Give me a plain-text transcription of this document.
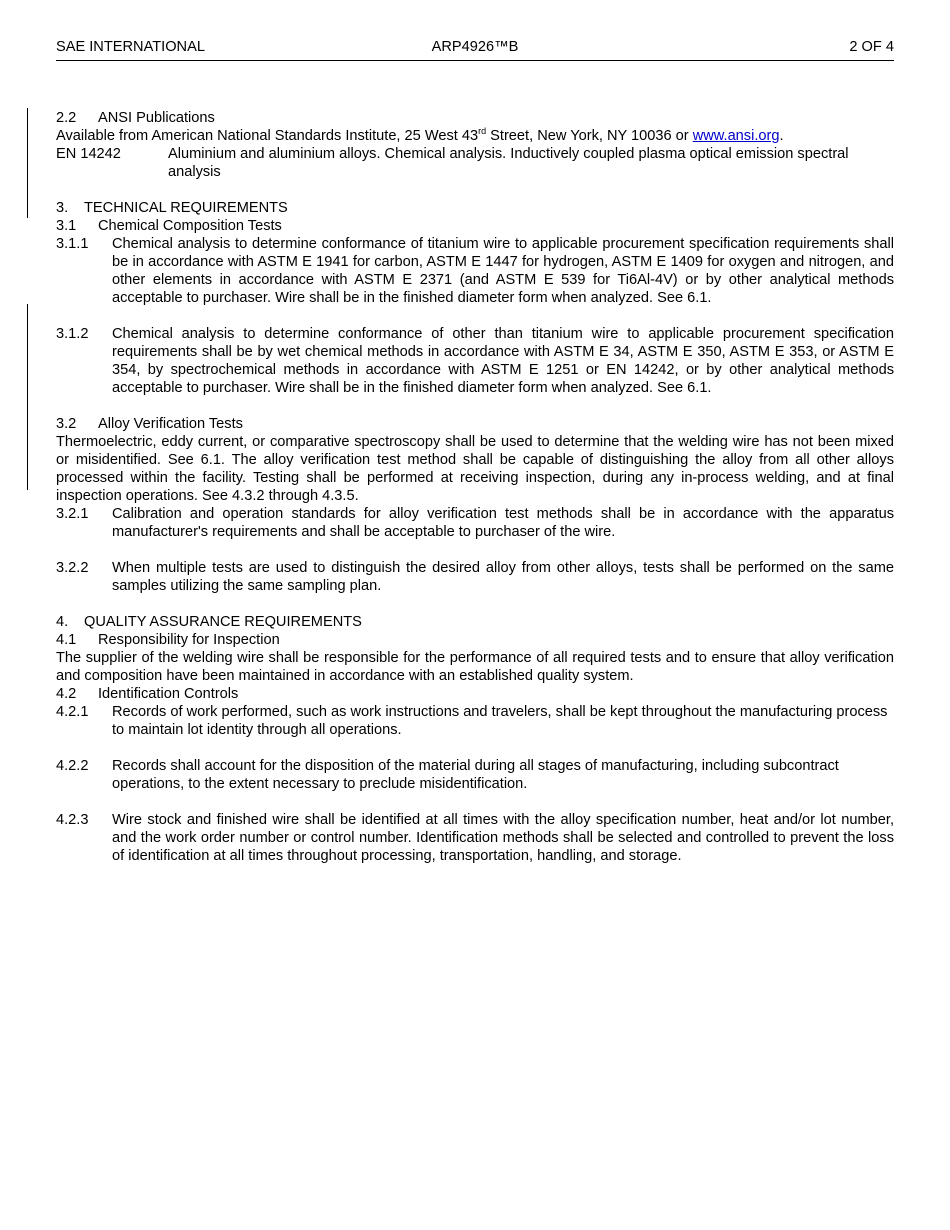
SAE INTERNATIONAL	ARP4926™B	2 OF 4

2.2 ANSI Publications

Available from American National Standards Institute, 25 West 43rd Street, New York, NY 10036 or www.ansi.org.

EN 14242	Aluminium and aluminium alloys. Chemical analysis. Inductively coupled plasma optical emission spectral analysis

3. TECHNICAL REQUIREMENTS

3.1 Chemical Composition Tests

3.1.1	Chemical analysis to determine conformance of titanium wire to applicable procurement specification requirements shall be in accordance with ASTM E 1941 for carbon, ASTM E 1447 for hydrogen, ASTM E 1409 for oxygen and nitrogen, and other elements in accordance with ASTM E 2371 (and ASTM E 539 for Ti6Al-4V) or by other analytical methods acceptable to purchaser. Wire shall be in the finished diameter form when analyzed. See 6.1.
3.1.2	Chemical analysis to determine conformance of other than titanium wire to applicable procurement specification requirements shall be by wet chemical methods in accordance with ASTM E 34, ASTM E 350, ASTM E 353, or ASTM E 354, by spectrochemical methods in accordance with ASTM E 1251 or EN 14242, or by other analytical methods acceptable to purchaser. Wire shall be in the finished diameter form when analyzed. See 6.1.

3.2 Alloy Verification Tests

Thermoelectric, eddy current, or comparative spectroscopy shall be used to determine that the welding wire has not been mixed or misidentified. See 6.1. The alloy verification test method shall be capable of distinguishing the alloy from all other alloys processed within the facility. Testing shall be performed at receiving inspection, during any in-process welding, and at final inspection operations. See 4.3.2 through 4.3.5.

3.2.1	Calibration and operation standards for alloy verification test methods shall be in accordance with the apparatus manufacturer's requirements and shall be acceptable to purchaser of the wire.
3.2.2	When multiple tests are used to distinguish the desired alloy from other alloys, tests shall be performed on the same samples utilizing the same sampling plan.

4. QUALITY ASSURANCE REQUIREMENTS

4.1 Responsibility for Inspection

The supplier of the welding wire shall be responsible for the performance of all required tests and to ensure that alloy verification and composition have been maintained in accordance with an established quality system.

4.2 Identification Controls

4.2.1	Records of work performed, such as work instructions and travelers, shall be kept throughout the manufacturing process to maintain lot identity through all operations.
4.2.2	Records shall account for the disposition of the material during all stages of manufacturing, including subcontract operations, to the extent necessary to preclude misidentification.
4.2.3	Wire stock and finished wire shall be identified at all times with the alloy specification number, heat and/or lot number, and the work order number or control number. Identification methods shall be selected and controlled to prevent the loss of identification at all times throughout processing, transportation, handling, and storage.
